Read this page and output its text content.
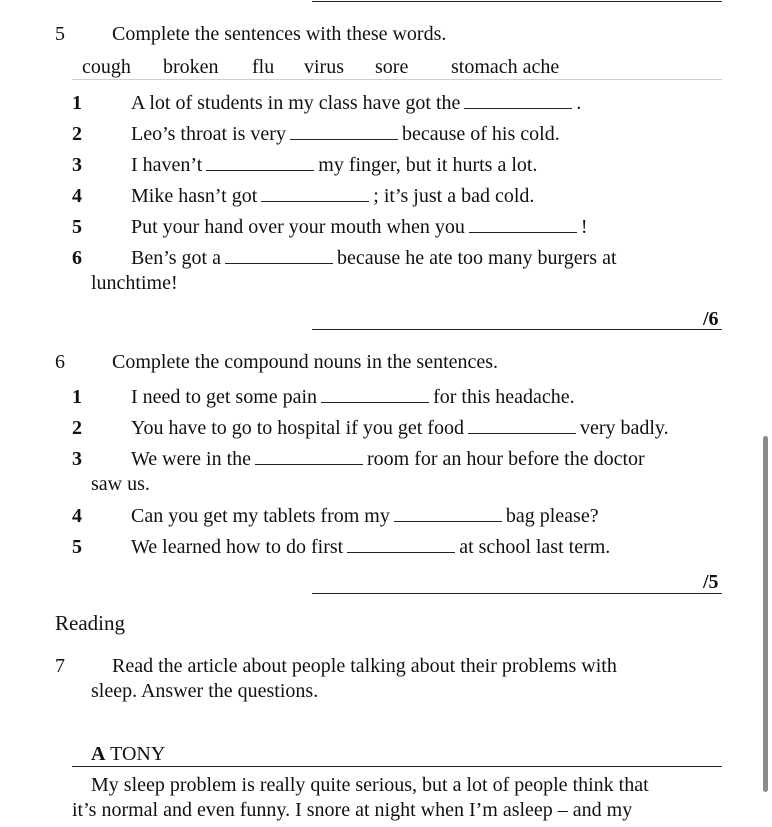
5 Complete the sentences with these words.
cough broken flu virus sore stomach ache
1 A lot of students in my class have got the	.
2 Leo’s throat is very	because of his cold.
3 I haven’t	my finger, but it hurts a lot.
4 Mike hasn’t got	; it’s just a bad cold.
5 Put your hand over your mouth when you	!
6 Ben’s got a	because he ate too many burgers at
lunchtime!
/6
6 Complete the compound nouns in the sentences.
1 I need to get some pain	for this headache.
2 You have to go to hospital if you get food	very badly.
3 We were in the	room for an hour before the doctor
saw us.
4 Can you get my tablets from my	bag please?
5 We learned how to do first	at school last term.
/5
Reading
7 Read the article about people talking about their problems with
sleep. Answer the questions.
A TONY
My sleep problem is really quite serious, but a lot of people think that
it’s normal and even funny. I snore at night when I’m asleep – and my
